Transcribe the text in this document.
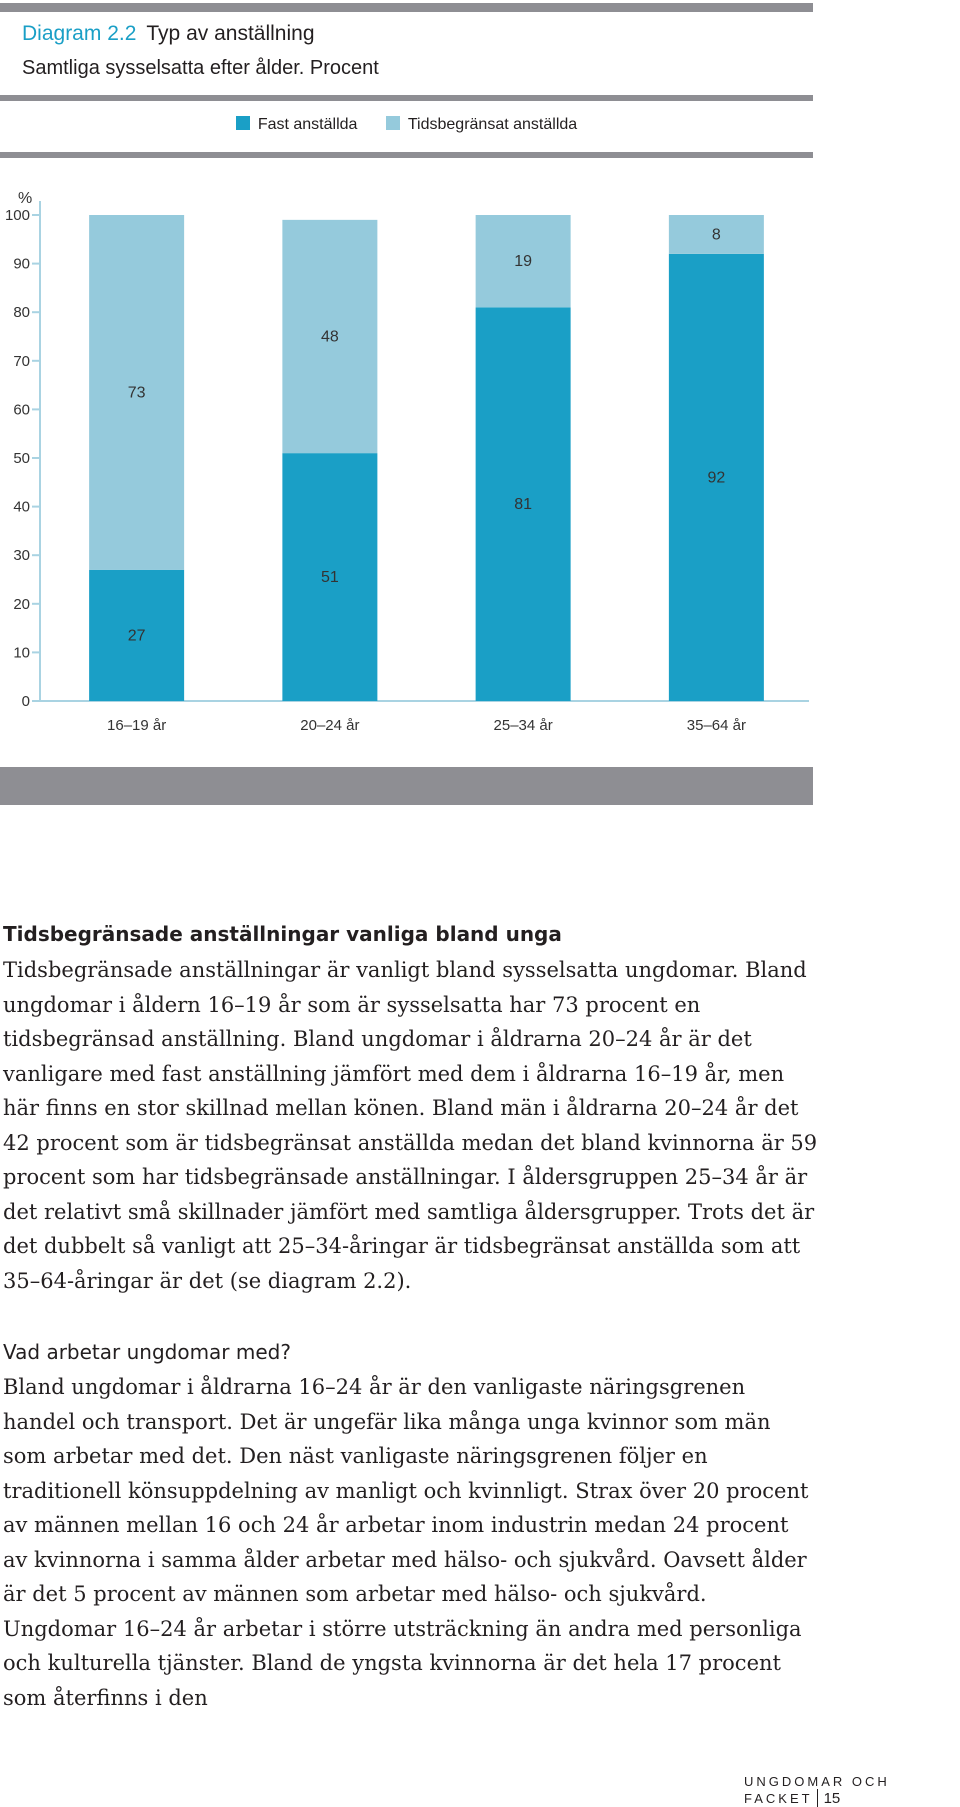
Diagram 2.2 Typ av anställning
Samtliga sysselsatta efter ålder. Procent
Fast anställda	Tidsbegränsat anställda
%
0
10
20
30
40
50
60
70
80
90
100
27
73
16–19 år
51
48
20–24 år
81
19
25–34 år
92
8
35–64 år
Tidsbegränsade anställningar vanliga bland unga

Tidsbegränsade anställningar är vanligt bland sysselsatta ungdomar. Bland ungdomar i åldern 16–19 år som är sysselsatta har 73 procent en tidsbegränsad anställning. Bland ungdomar i åldrarna 20–24 år är det vanligare med fast anställning jämfört med dem i åldrarna 16–19 år, men här finns en stor skillnad mellan könen. Bland män i åldrarna 20–24 år det 42 procent som är tidsbegränsat anställda medan det bland kvinnorna är 59 procent som har tidsbegränsade anställningar. I åldersgruppen 25–34 år är det relativt små skillnader jämfört med samtliga åldersgrupper. Trots det är det dubbelt så vanligt att 25–34-åringar är tidsbegränsat anställda som att 35–64-åringar är det (se diagram 2.2).

Vad arbetar ungdomar med?

Bland ungdomar i åldrarna 16–24 år är den vanligaste näringsgrenen handel och transport. Det är ungefär lika många unga kvinnor som män som arbetar med det. Den näst vanligaste näringsgrenen följer en traditionell könsuppdelning av manligt och kvinnligt. Strax över 20 procent av männen mellan 16 och 24 år arbetar inom industrin medan 24 procent av kvinnorna i samma ålder arbetar med hälso- och sjukvård. Oavsett ålder är det 5 procent av männen som arbetar med hälso- och sjukvård. Ungdomar 16–24 år arbetar i större utsträckning än andra med personliga och kulturella tjänster. Bland de yngsta kvinnorna är det hela 17 procent som återfinns i den

UNGDOMAR OCH FACKET 15
